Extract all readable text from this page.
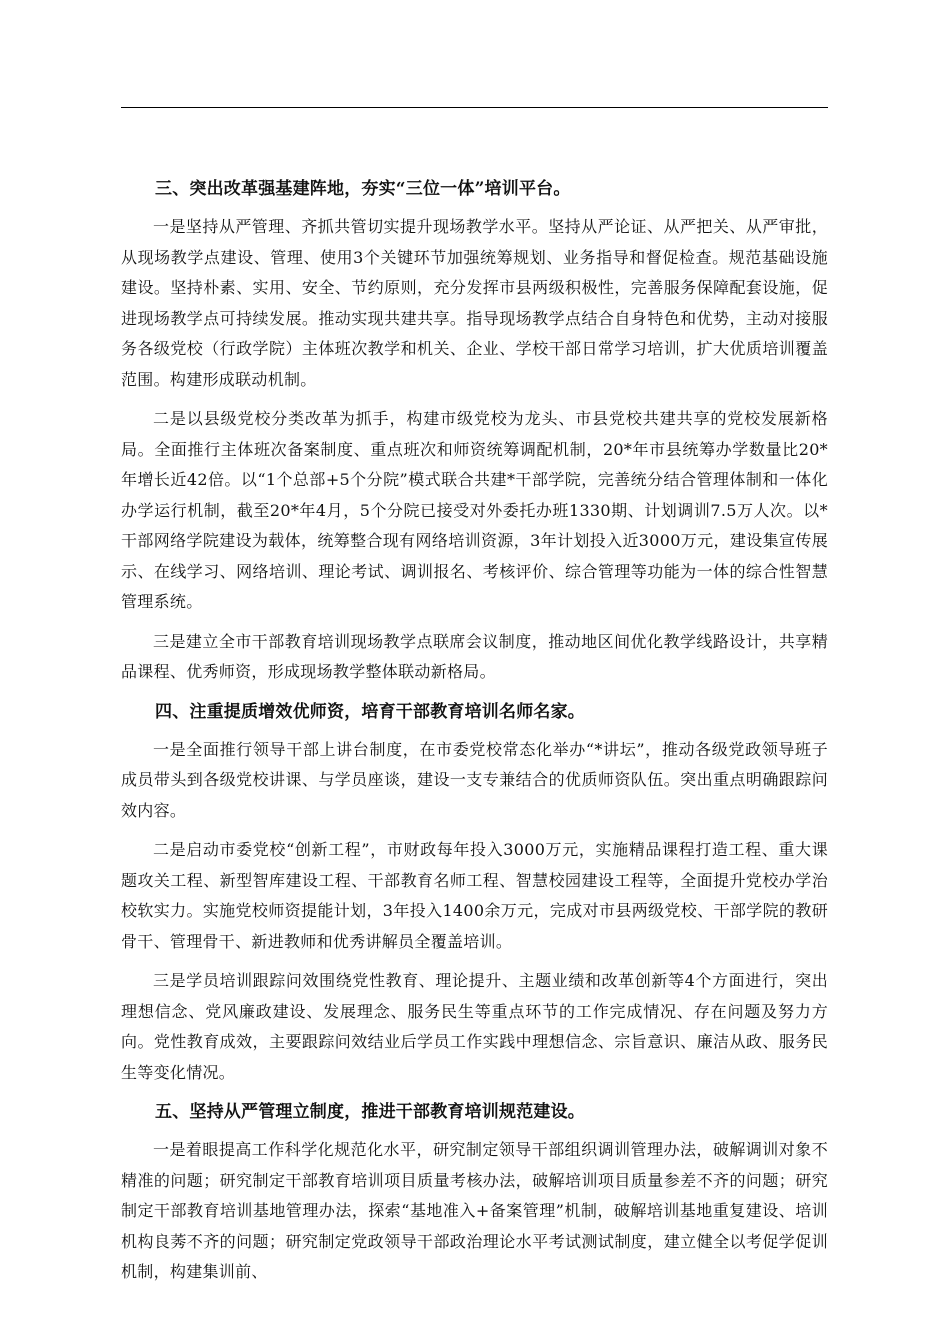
三、突出改革强基建阵地，夯实“三位一体”培训平台。

一是坚持从严管理、齐抓共管切实提升现场教学水平。坚持从严论证、从严把关、从严审批，从现场教学点建设、管理、使用3个关键环节加强统筹规划、业务指导和督促检查。规范基础设施建设。坚持朴素、实用、安全、节约原则，充分发挥市县两级积极性，完善服务保障配套设施，促进现场教学点可持续发展。推动实现共建共享。指导现场教学点结合自身特色和优势，主动对接服务各级党校（行政学院）主体班次教学和机关、企业、学校干部日常学习培训，扩大优质培训覆盖范围。构建形成联动机制。

二是以县级党校分类改革为抓手，构建市级党校为龙头、市县党校共建共享的党校发展新格局。全面推行主体班次备案制度、重点班次和师资统筹调配机制，20*年市县统筹办学数量比20*年增长近42倍。以“1个总部+5个分院”模式联合共建*干部学院，完善统分结合管理体制和一体化办学运行机制，截至20*年4月，5个分院已接受对外委托办班1330期、计划调训7.5万人次。以*干部网络学院建设为载体，统筹整合现有网络培训资源，3年计划投入近3000万元，建设集宣传展示、在线学习、网络培训、理论考试、调训报名、考核评价、综合管理等功能为一体的综合性智慧管理系统。

三是建立全市干部教育培训现场教学点联席会议制度，推动地区间优化教学线路设计，共享精品课程、优秀师资，形成现场教学整体联动新格局。

四、注重提质增效优师资，培育干部教育培训名师名家。

一是全面推行领导干部上讲台制度，在市委党校常态化举办“*讲坛”，推动各级党政领导班子成员带头到各级党校讲课、与学员座谈，建设一支专兼结合的优质师资队伍。突出重点明确跟踪问效内容。

二是启动市委党校“创新工程”，市财政每年投入3000万元，实施精品课程打造工程、重大课题攻关工程、新型智库建设工程、干部教育名师工程、智慧校园建设工程等，全面提升党校办学治校软实力。实施党校师资提能计划，3年投入1400余万元，完成对市县两级党校、干部学院的教研骨干、管理骨干、新进教师和优秀讲解员全覆盖培训。

三是学员培训跟踪问效围绕党性教育、理论提升、主题业绩和改革创新等4个方面进行，突出理想信念、党风廉政建设、发展理念、服务民生等重点环节的工作完成情况、存在问题及努力方向。党性教育成效，主要跟踪问效结业后学员工作实践中理想信念、宗旨意识、廉洁从政、服务民生等变化情况。

五、坚持从严管理立制度，推进干部教育培训规范建设。

一是着眼提高工作科学化规范化水平，研究制定领导干部组织调训管理办法，破解调训对象不精准的问题；研究制定干部教育培训项目质量考核办法，破解培训项目质量参差不齐的问题；研究制定干部教育培训基地管理办法，探索“基地准入+备案管理”机制，破解培训基地重复建设、培训机构良莠不齐的问题；研究制定党政领导干部政治理论水平考试测试制度，建立健全以考促学促训机制，构建集训前、
